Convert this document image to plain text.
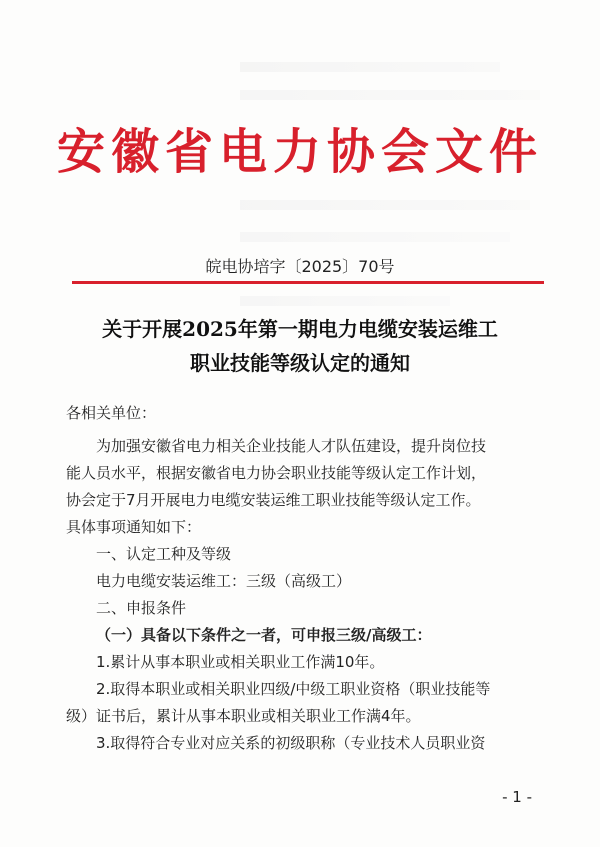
安徽省电力协会文件
皖电协培字〔2025〕70号
关于开展2025年第一期电力电缆安装运维工
职业技能等级认定的通知

各相关单位：

为加强安徽省电力相关企业技能人才队伍建设，提升岗位技

能人员水平，根据安徽省电力协会职业技能等级认定工作计划，

协会定于7月开展电力电缆安装运维工职业技能等级认定工作。

具体事项通知如下：

一、认定工种及等级

电力电缆安装运维工：三级（高级工）

二、申报条件

（一）具备以下条件之一者，可申报三级/高级工：

1.累计从事本职业或相关职业工作满10年。

2.取得本职业或相关职业四级/中级工职业资格（职业技能等

级）证书后，累计从事本职业或相关职业工作满4年。

3.取得符合专业对应关系的初级职称（专业技术人员职业资

- 1 -
